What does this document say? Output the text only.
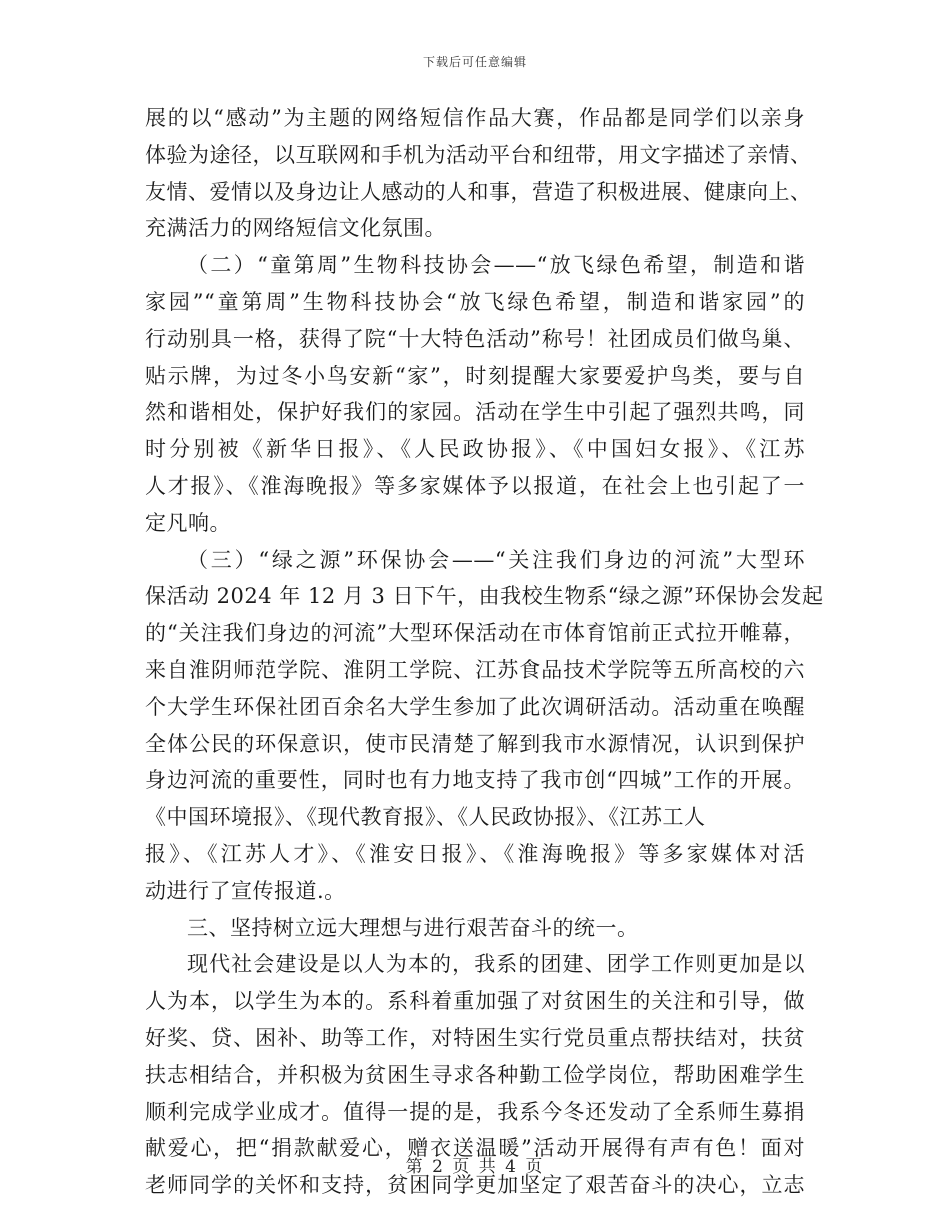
下载后可任意编辑
展的以“感动”为主题的网络短信作品大赛，作品都是同学们以亲身
体验为途径，以互联网和手机为活动平台和纽带，用文字描述了亲情、
友情、爱情以及身边让人感动的人和事，营造了积极进展、健康向上、
充满活力的网络短信文化氛围。
（二）“童第周”生物科技协会——“放飞绿色希望，制造和谐
家园”“童第周”生物科技协会“放飞绿色希望，制造和谐家园”的
行动别具一格，获得了院“十大特色活动”称号！社团成员们做鸟巢、
贴示牌，为过冬小鸟安新“家”，时刻提醒大家要爱护鸟类，要与自
然和谐相处，保护好我们的家园。活动在学生中引起了强烈共鸣，同
时分别被《新华日报》、《人民政协报》、《中国妇女报》、《江苏
人才报》、《淮海晚报》等多家媒体予以报道，在社会上也引起了一
定凡响。
（三）“绿之源”环保协会——“关注我们身边的河流”大型环
保活动 2024 年 12 月 3 日下午，由我校生物系“绿之源”环保协会发起
的“关注我们身边的河流”大型环保活动在市体育馆前正式拉开帷幕，
来自淮阴师范学院、淮阴工学院、江苏食品技术学院等五所高校的六
个大学生环保社团百余名大学生参加了此次调研活动。活动重在唤醒
全体公民的环保意识，使市民清楚了解到我市水源情况，认识到保护
身边河流的重要性，同时也有力地支持了我市创“四城”工作的开展。
《中国环境报》、《现代教育报》、《人民政协报》、《江苏工人
报》、《江苏人才》、《淮安日报》、《淮海晚报》等多家媒体对活
动进行了宣传报道.。
三、坚持树立远大理想与进行艰苦奋斗的统一。
现代社会建设是以人为本的，我系的团建、团学工作则更加是以
人为本，以学生为本的。系科着重加强了对贫困生的关注和引导，做
好奖、贷、困补、助等工作，对特困生实行党员重点帮扶结对，扶贫
扶志相结合，并积极为贫困生寻求各种勤工俭学岗位，帮助困难学生
顺利完成学业成才。值得一提的是，我系今冬还发动了全系师生募捐
献爱心，把“捐款献爱心，赠衣送温暖”活动开展得有声有色！面对
老师同学的关怀和支持，贫困同学更加坚定了艰苦奋斗的决心，立志
第 2 页 共 4 页
